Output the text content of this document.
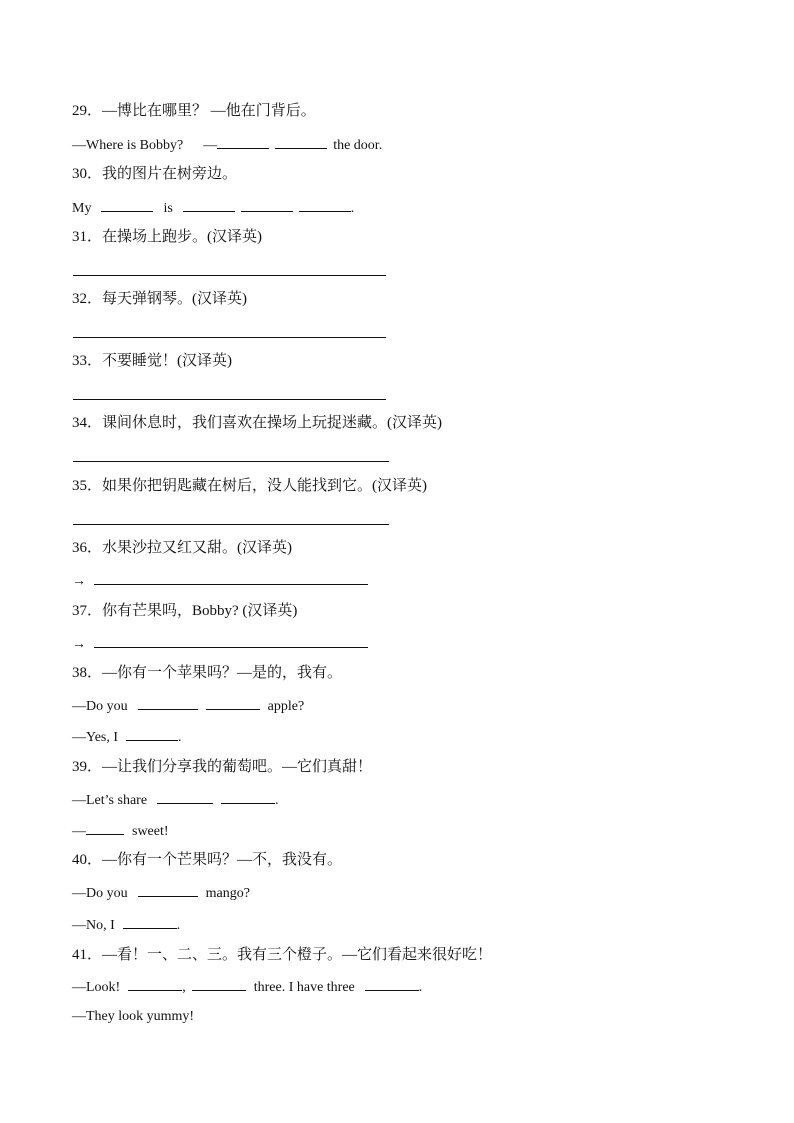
29．—博比在哪里？ —他在门背后。
—Where is Bobby? —	the door.
30．我的图片在树旁边。
My	is	.
31．在操场上跑步。(汉译英)
32．每天弹钢琴。(汉译英)
33．不要睡觉！(汉译英)
34．课间休息时，我们喜欢在操场上玩捉迷藏。(汉译英)
35．如果你把钥匙藏在树后，没人能找到它。(汉译英)
36．水果沙拉又红又甜。(汉译英)
→
37．你有芒果吗，Bobby? (汉译英)
→
38．—你有一个苹果吗？—是的，我有。
—Do you	apple?
—Yes, I	.
39．—让我们分享我的葡萄吧。—它们真甜！
—Let’s share	.
—	sweet!
40．—你有一个芒果吗？—不，我没有。
—Do you	mango?
—No, I	.
41．—看！一、二、三。我有三个橙子。—它们看起来很好吃！
—Look!	,	three. I have three	.
—They look yummy!
